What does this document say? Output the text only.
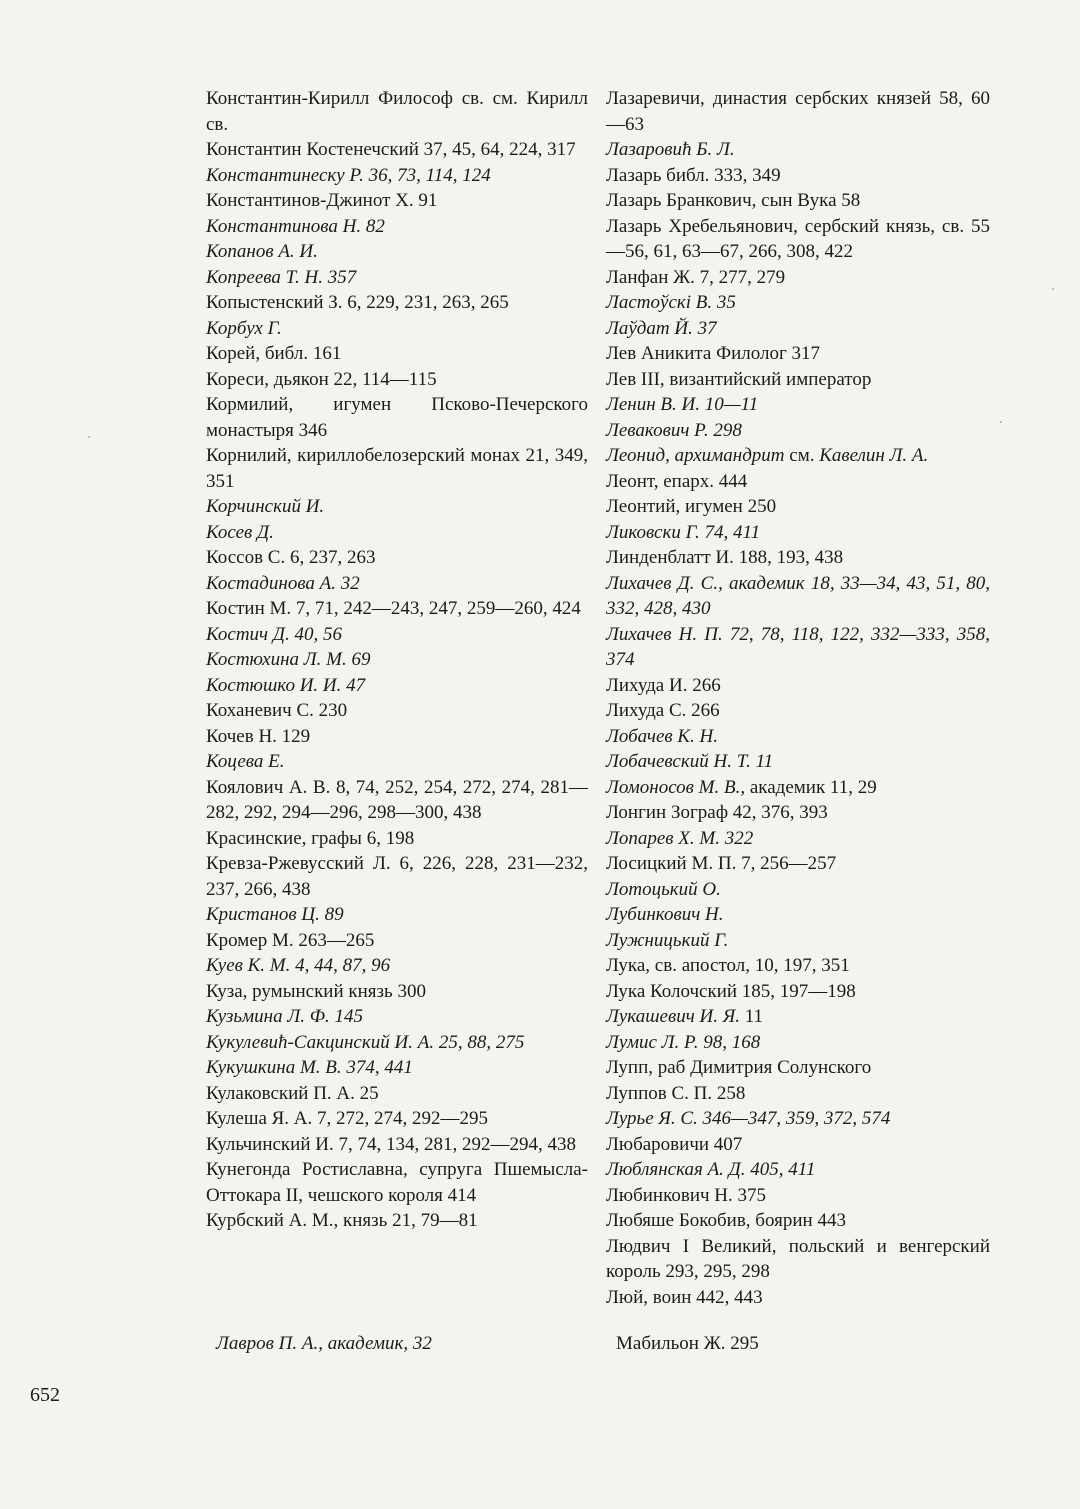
Константин-Кирилл Философ св. см. Кирилл св.
Константин Костенечский 37, 45, 64, 224, 317
Константинеску Р. 36, 73, 114, 124
Константинов-Джинот Х. 91
Константинова Н. 82
Копанов А. И.
Копреева Т. Н. 357
Копыстенский З. 6, 229, 231, 263, 265
Корбух Г.
Корей, библ. 161
Кореси, дьякон 22, 114—115
Кормилий, игумен Псково-Печерского монастыря 346
Корнилий, кириллобелозерский монах 21, 349, 351
Корчинский И.
Косев Д.
Коссов С. 6, 237, 263
Костадинова А. 32
Костин М. 7, 71, 242—243, 247, 259—260, 424
Костич Д. 40, 56
Костюхина Л. М. 69
Костюшко И. И. 47
Коханевич С. 230
Кочев Н. 129
Коцева Е.
Коялович А. В. 8, 74, 252, 254, 272, 274, 281—282, 292, 294—296, 298—300, 438
Красинские, графы 6, 198
Кревза-Ржевусский Л. 6, 226, 228, 231—232, 237, 266, 438
Кристанов Ц. 89
Кромер М. 263—265
Куев К. М. 4, 44, 87, 96
Куза, румынский князь 300
Кузьмина Л. Ф. 145
Кукулевић-Сакцинский И. А. 25, 88, 275
Кукушкина М. В. 374, 441
Кулаковский П. А. 25
Кулеша Я. А. 7, 272, 274, 292—295
Кульчинский И. 7, 74, 134, 281, 292—294, 438
Кунегонда Ростиславна, супруга Пшемысла-Оттокара II, чешского короля 414
Курбский А. М., князь 21, 79—81
Лазаревичи, династия сербских князей 58, 60—63
Лазаровић Б. Л.
Лазарь библ. 333, 349
Лазарь Бранкович, сын Вука 58
Лазарь Хребельянович, сербский князь, св. 55—56, 61, 63—67, 266, 308, 422
Ланфан Ж. 7, 277, 279
Ластоўскі В. 35
Лаўдат Й. 37
Лев Аникита Филолог 317
Лев III, византийский император
Ленин В. И. 10—11
Левакович Р. 298
Леонид, архимандрит см. Кавелин Л. А.
Леонт, епарх. 444
Леонтий, игумен 250
Ликовски Г. 74, 411
Линденблатт И. 188, 193, 438
Лихачев Д. С., академик 18, 33—34, 43, 51, 80, 332, 428, 430
Лихачев Н. П. 72, 78, 118, 122, 332—333, 358, 374
Лихуда И. 266
Лихуда С. 266
Лобачев К. Н.
Лобачевский Н. Т. 11
Ломоносов М. В., академик 11, 29
Лонгин Зограф 42, 376, 393
Лопарев Х. М. 322
Лосицкий М. П. 7, 256—257
Лотоцький О.
Лубинкович Н.
Лужницький Г.
Лука, св. апостол, 10, 197, 351
Лука Колочский 185, 197—198
Лукашевич И. Я. 11
Лумис Л. Р. 98, 168
Лупп, раб Димитрия Солунского
Луппов С. П. 258
Лурье Я. С. 346—347, 359, 372, 574
Любаровичи 407
Люблянская А. Д. 405, 411
Любинкович Н. 375
Любяше Бокобив, боярин 443
Людвич I Великий, польский и венгерский король 293, 295, 298
Люй, воин 442, 443
Лавров П. А., академик, 32	Мабильон Ж. 295
652
